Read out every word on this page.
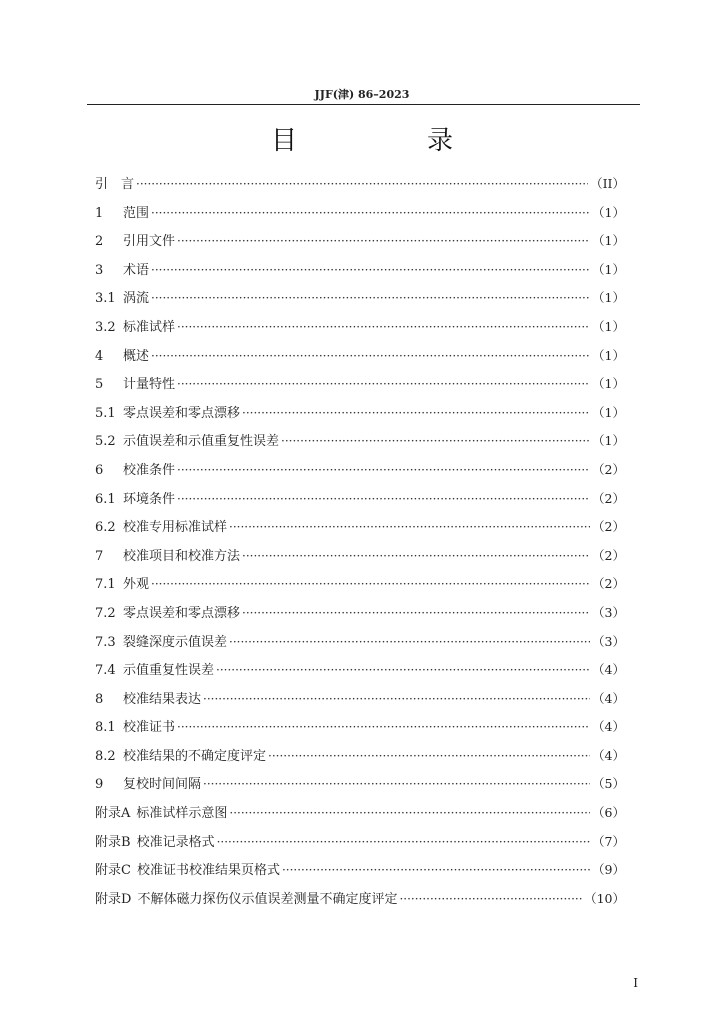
JJF(津) 86–2023
目　录
引　言 ·····	（II）
1 范围 ·····	（1）
2 引用文件 ·····	（1）
3 术语 ·····	（1）
3.1 涡流 ·····	（1）
3.2 标准试样 ·····	（1）
4 概述 ·····	（1）
5 计量特性 ·····	（1）
5.1 零点误差和零点漂移 ·····	（1）
5.2 示值误差和示值重复性误差 ·····	（1）
6 校准条件 ·····	（2）
6.1 环境条件 ·····	（2）
6.2 校准专用标准试样 ·····	（2）
7 校准项目和校准方法 ·····	（2）
7.1 外观 ·····	（2）
7.2 零点误差和零点漂移 ·····	（3）
7.3 裂缝深度示值误差 ·····	（3）
7.4 示值重复性误差 ·····	（4）
8 校准结果表达 ·····	（4）
8.1 校准证书 ·····	（4）
8.2 校准结果的不确定度评定 ·····	（4）
9 复校时间间隔 ·····	（5）
附录A 标准试样示意图 ·····	（6）
附录B 校准记录格式 ·····	（7）
附录C 校准证书校准结果页格式 ·····	（9）
附录D 不解体磁力探伤仪示值误差测量不确定度评定 ·····	（10）
I
